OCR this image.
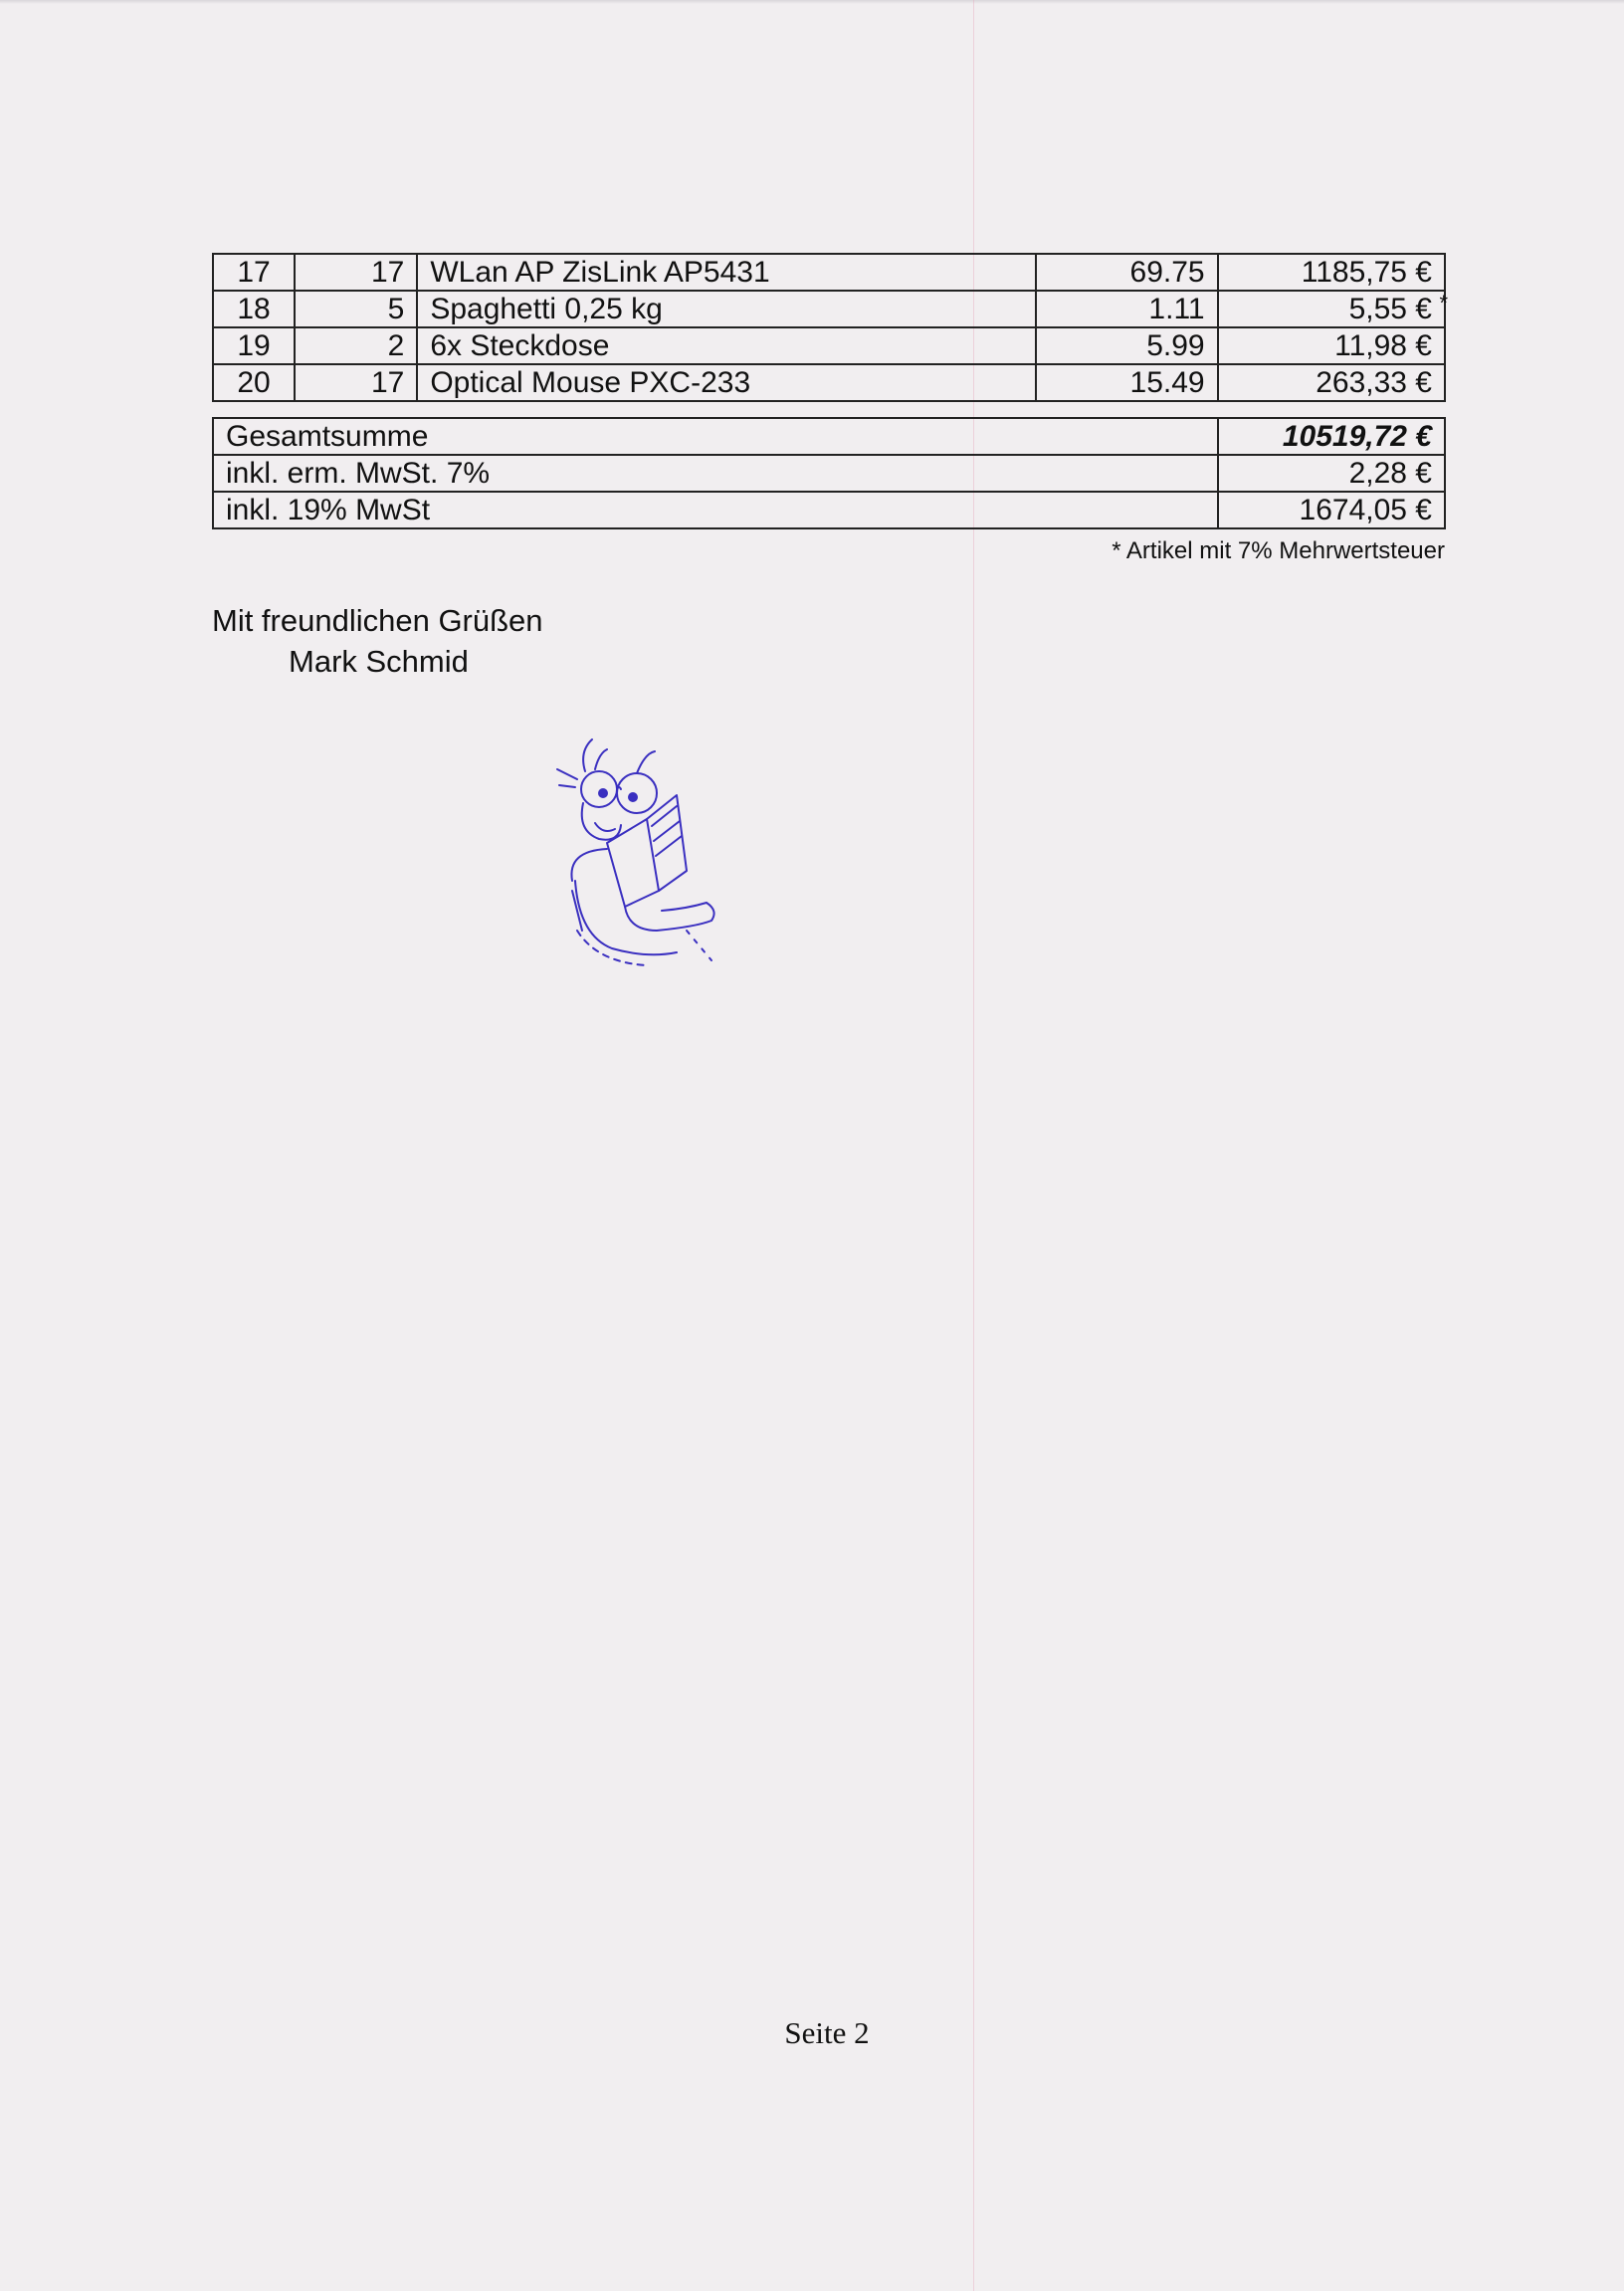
17	17	WLan AP ZisLink AP5431	69.75	1185,75 €

18	5	Spaghetti 0,25 kg	1.11	5,55 € *

19	2	6x Steckdose	5.99	11,98 €

20	17	Optical Mouse PXC-233	15.49	263,33 €
Gesamtsumme	10519,72 €
inkl. erm. MwSt. 7%	2,28 €
inkl. 19% MwSt	1674,05 €
* Artikel mit 7% Mehrwertsteuer
Mit freundlichen Grüßen
Mark Schmid
Seite 2
